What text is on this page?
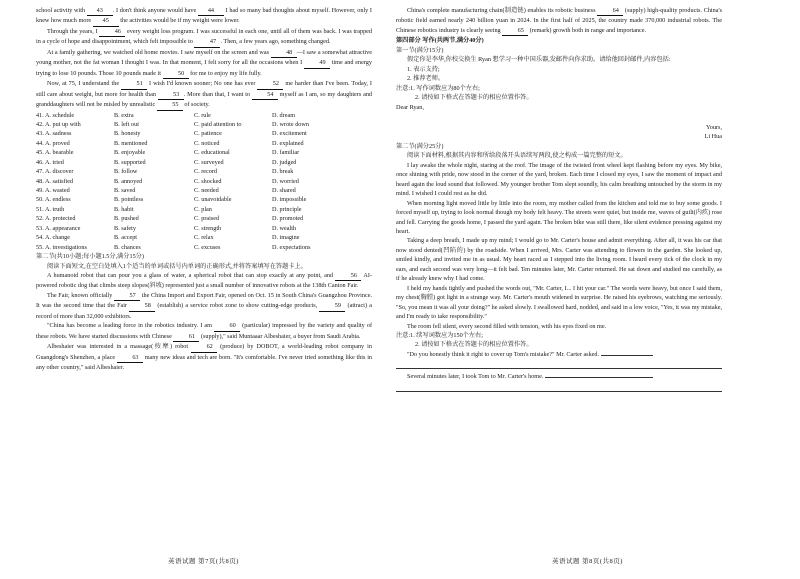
school activity with 43 . I don't think anyone would have 44 I had so many bad thoughts about myself. However, only I knew how much more 45 the activities would be if my weight were lower.

Through the years, I 46 every weight loss program. I was successful in each one, until all of them was back. I was trapped in a cycle of hope and disappointment, which felt impossible to 47 . Then, a few years ago, something changed.

At a family gathering, we watched old home movies. I saw myself on the screen and was 48 —I saw a somewhat attractive young mother, not the fat woman I thought I was. In that moment, I felt sorry for all the occasions when I 49 time and energy trying to lose 10 pounds. Those 10 pounds made it 50 for me to enjoy my life fully.

Now, at 75, I understand the 51 I wish I'd known sooner; No one has ever 52 me harder than I've been. Today, I still care about weight, but more for health than 53 . More than that, I want to 54 myself as I am, so my daughters and granddaughters will not be misled by unrealistic 55 of society.

41. A. schedule	B. extra	C. rule	D. dream
42. A. put up with	B. left out	C. paid attention to	D. wrote down
43. A. sadness	B. honesty	C. patience	D. excitement
44. A. proved	B. mentioned	C. noticed	D. explained
45. A. bearable	B. enjoyable	C. educational	D. familiar
46. A. tried	B. supported	C. surveyed	D. judged
47. A. discover	B. follow	C. record	D. break
48. A. satisfied	B. annoyed	C. shocked	D. worried
49. A. wasted	B. saved	C. needed	D. shared
50. A. endless	B. pointless	C. unavoidable	D. impossible
51. A. truth	B. habit	C. plan	D. principle
52. A. protected	B. pushed	C. praised	D. promoted
53. A. appearance	B. safety	C. strength	D. wealth
54. A. change	B. accept	C. relax	D. imagine
55. A. investigations	B. chances	C. excuses	D. expectations

第二节(共10小题;每小题1.5分,满分15分)

阅读下面短文,在空白处填入1个适当的单词或括号内单词的正确形式,并将答案填写在答题卡上。

A humanoid robot that can pour you a glass of water, a spherical robot that can stop exactly at any point, and 56 AI-powered robotic dog that climbs steep slopes(斜坡) represented just a small number of innovative robots at the 138th Canton Fair.

The Fair, known officially 57 the China Import and Export Fair, opened on Oct. 15 in South China's Guangzhou Province. It was the second time that the Fair 58 (establish) a service robot zone to show cutting-edge products, 59 (attract) a record of more than 32,000 exhibitors.

"China has become a leading force in the robotics industry. I am 60 (particular) impressed by the variety and quality of these robots. We have started discussions with Chinese 61 (supply)," said Muntaaar Albeshaier, a buyer from Saudi Arabia.

Albeshaier was interested in a massage(按摩) robot 62 (produce) by DOBOT, a world-leading robot company in Guangdong's Shenzhen, a place 63 many new ideas and tech are born. "It's comfortable. I've never tried something like this in any other country," said Albeshaier.

China's complete manufacturing chain(制造链) enables its robotic business 64 (supply) high-quality products. China's robotic field earned nearly 240 billion yuan in 2024. In the first half of 2025, the country made 370,000 industrial robots. The Chinese robotics industry is clearly seeing 65 (remark) growth both in range and importance.

第四部分 写作(共两节,满分40分)

第一节(满分15分)

假定你是李华,你校交换生 Ryan 想学习一种中国乐器,发邮件向你求助。请给他回封邮件,内容包括:

1. 表示支持;

2. 推荐老师。

注意:1. 写作词数应为80个左右;

2. 请按如下格式在答题卡的相应位置作答。

Dear Ryan,

Yours,

Li Hua

第二节(满分25分)

阅读下面材料,根据其内容和所给段落开头语续写两段,使之构成一篇完整的短文。

I lay awake the whole night, staring at the roof. The image of the twisted front wheel kept flashing before my eyes. My bike, once shining with pride, now stood in the corner of the yard, broken. Each time I closed my eyes, I saw the moment of impact and heard again the loud sound that followed. My younger brother Tom slept soundly, his calm breathing untouched by the storm in my mind. I wished I could rest as he did.

When morning light moved little by little into the room, my mother called from the kitchen and told me to buy some goods. I forced myself up, trying to look normal though my body felt heavy. The streets were quiet, but inside me, waves of guilt(内疚) rose and fell. Carrying the goods home, I passed the yard again. The broken bike was still there, like silent evidence pressing against my heart.

Taking a deep breath, I made up my mind; I would go to Mr. Carter's house and admit everything. After all, it was his car that now stood dented(凹陷的) by the roadside. When I arrived, Mrs. Carter was attending to flowers in the garden. She looked up, smiled kindly, and invited me in as usual. My heart raced as I stepped into the living room. I heard every tick of the clock in my ears, and each second was very long—it felt bad. Ten minutes later, Mr. Carter returned. He sat down and studied me carefully, as if he already knew why I had come.

I held my hands tightly and pushed the words out, "Mr. Carter, I... I hit your car." The words were heavy, but once I said them, my chest(胸膛) got light in a strange way. Mr. Carter's mouth widened in surprise. He raised his eyebrows, watching me seriously. "So, you mean it was all your doing?" he asked slowly. I swallowed hard, nodded, and said in a low voice, "Yes, it was my mistake, and I'm ready to take responsibility."

The room fell silent, every second filled with tension, with his eyes fixed on me.

注意:1. 续写词数应为150个左右;

2. 请按如下格式在答题卡的相应位置作答。

"Do you honestly think it right to cover up Tom's mistake?" Mr. Carter asked.

Several minutes later, I took Tom to Mr. Carter's home.

英语试题 第7页(共8页)	英语试题 第8页(共8页)
